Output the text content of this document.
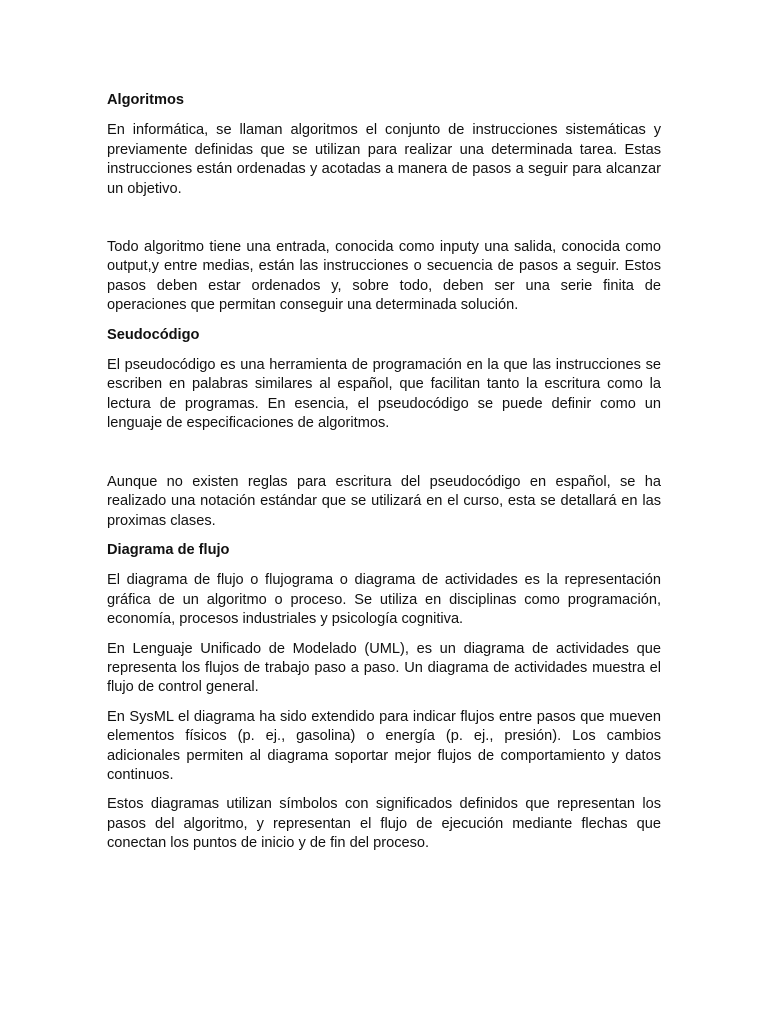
Algoritmos

En informática, se llaman algoritmos el conjunto de instrucciones sistemáticas y previamente definidas que se utilizan para realizar una determinada tarea. Estas instrucciones están ordenadas y acotadas a manera de pasos a seguir para alcanzar un objetivo.

Todo algoritmo tiene una entrada, conocida como inputy una salida, conocida como output,y entre medias, están las instrucciones o secuencia de pasos a seguir. Estos pasos deben estar ordenados y, sobre todo, deben ser una serie finita de operaciones que permitan conseguir una determinada solución.

Seudocódigo

El pseudocódigo es una herramienta de programación en la que las instrucciones se escriben en palabras similares al español, que facilitan tanto la escritura como la lectura de programas. En esencia, el pseudocódigo se puede definir como un lenguaje de especificaciones de algoritmos.

Aunque no existen reglas para escritura del pseudocódigo en español, se ha realizado una notación estándar que se utilizará en el curso, esta se detallará en las proximas clases.

Diagrama de flujo

El diagrama de flujo o flujograma o diagrama de actividades es la representación gráfica de un algoritmo o proceso. Se utiliza en disciplinas como programación, economía, procesos industriales y psicología cognitiva.

En Lenguaje Unificado de Modelado (UML), es un diagrama de actividades que representa los flujos de trabajo paso a paso. Un diagrama de actividades muestra el flujo de control general.

En SysML el diagrama ha sido extendido para indicar flujos entre pasos que mueven elementos físicos (p. ej., gasolina) o energía (p. ej., presión). Los cambios adicionales permiten al diagrama soportar mejor flujos de comportamiento y datos continuos.

Estos diagramas utilizan símbolos con significados definidos que representan los pasos del algoritmo, y representan el flujo de ejecución mediante flechas que conectan los puntos de inicio y de fin del proceso.
